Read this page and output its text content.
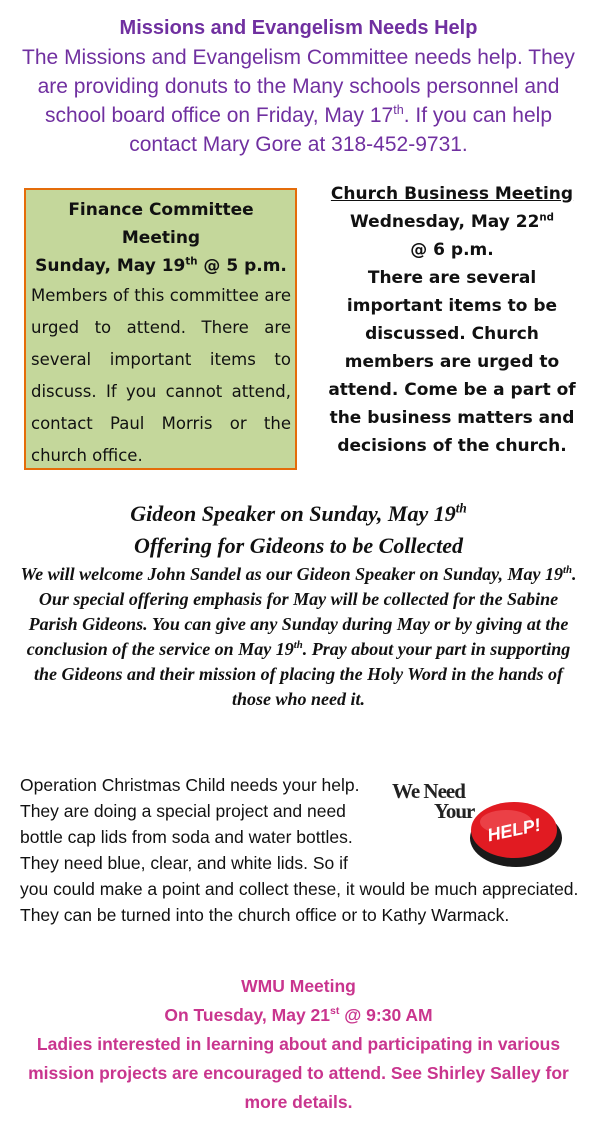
Missions and Evangelism Needs Help
The Missions and Evangelism Committee needs help. They are providing donuts to the Many schools personnel and school board office on Friday, May 17th. If you can help contact Mary Gore at 318-452-9731.
Finance Committee Meeting
Sunday, May 19th @ 5 p.m.
Members of this committee are urged to attend. There are several important items to discuss. If you cannot attend, contact Paul Morris or the church office.
Church Business Meeting
Wednesday, May 22nd
@ 6 p.m.
There are several important items to be discussed. Church members are urged to attend. Come be a part of the business matters and decisions of the church.
Gideon Speaker on Sunday, May 19th
Offering for Gideons to be Collected
We will welcome John Sandel as our Gideon Speaker on Sunday, May 19th. Our special offering emphasis for May will be collected for the Sabine Parish Gideons. You can give any Sunday during May or by giving at the conclusion of the service on May 19th. Pray about your part in supporting the Gideons and their mission of placing the Holy Word in the hands of those who need it.
We Need
Your
HELP!
Operation Christmas Child needs your help. They are doing a special project and need bottle cap lids from soda and water bottles. They need blue, clear, and white lids. So if you could make a point and collect these, it would be much appreciated. They can be turned into the church office or to Kathy Warmack.
WMU Meeting
On Tuesday, May 21st @ 9:30 AM
Ladies interested in learning about and participating in various mission projects are encouraged to attend. See Shirley Salley for more details.
